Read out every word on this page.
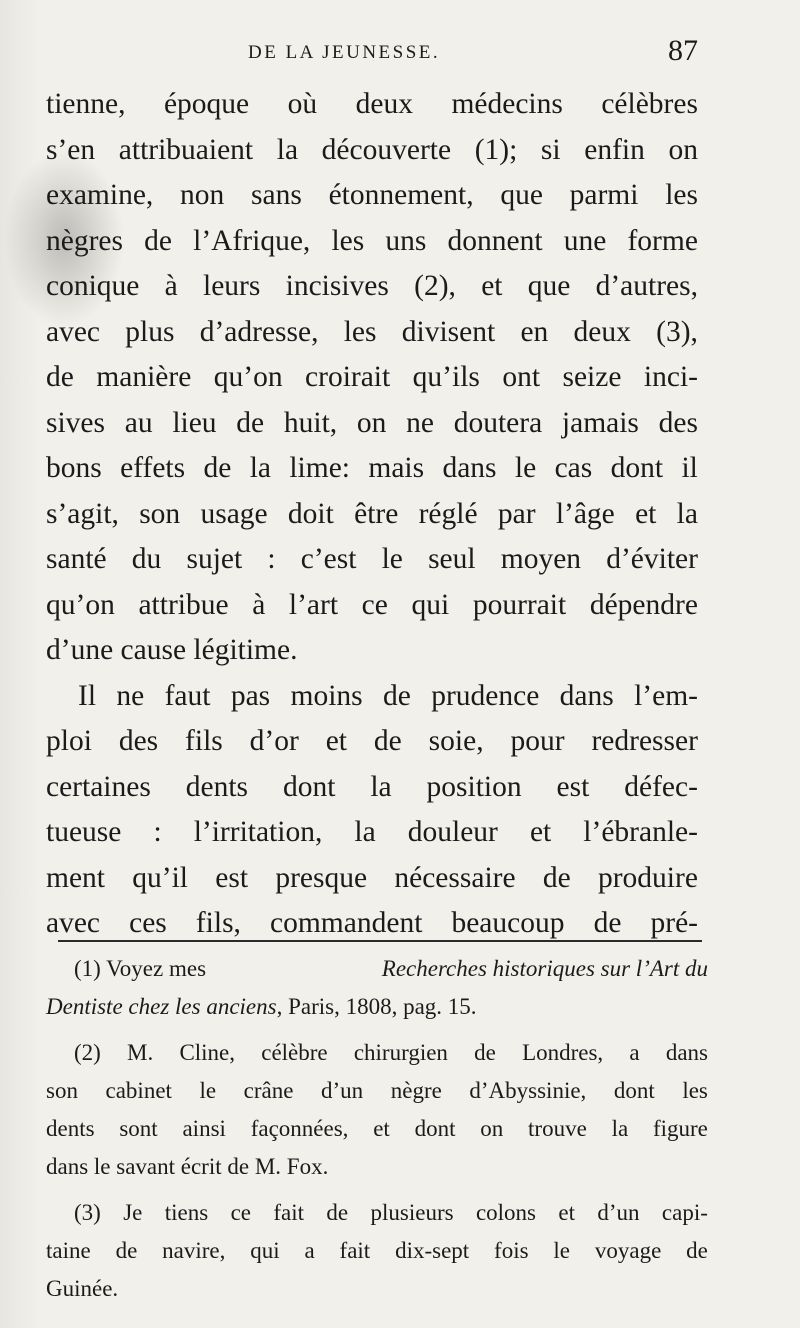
DE LA JEUNESSE.	87
tienne, époque où deux médecins célèbres
s’en attribuaient la découverte (1); si enfin on
examine, non sans étonnement, que parmi les
nègres de l’Afrique, les uns donnent une forme
conique à leurs incisives (2), et que d’autres,
avec plus d’adresse, les divisent en deux (3),
de manière qu’on croirait qu’ils ont seize inci-
sives au lieu de huit, on ne doutera jamais des
bons effets de la lime: mais dans le cas dont il
s’agit, son usage doit être réglé par l’âge et la
santé du sujet : c’est le seul moyen d’éviter
qu’on attribue à l’art ce qui pourrait dépendre
d’une cause légitime.
Il ne faut pas moins de prudence dans l’em-
ploi des fils d’or et de soie, pour redresser
certaines dents dont la position est défec-
tueuse : l’irritation, la douleur et l’ébranle-
ment qu’il est presque nécessaire de produire
avec ces fils, commandent beaucoup de pré-
(1) Voyez mes	Recherches historiques sur l’Art du
Dentiste chez les anciens , Paris, 1808, pag. 15.
(2) M. Cline, célèbre chirurgien de Londres, a dans
son cabinet le crâne d’un nègre d’Abyssinie, dont les
dents sont ainsi façonnées, et dont on trouve la figure
dans le savant écrit de M. Fox.
(3) Je tiens ce fait de plusieurs colons et d’un capi-
taine de navire, qui a fait dix-sept fois le voyage de
Guinée.
